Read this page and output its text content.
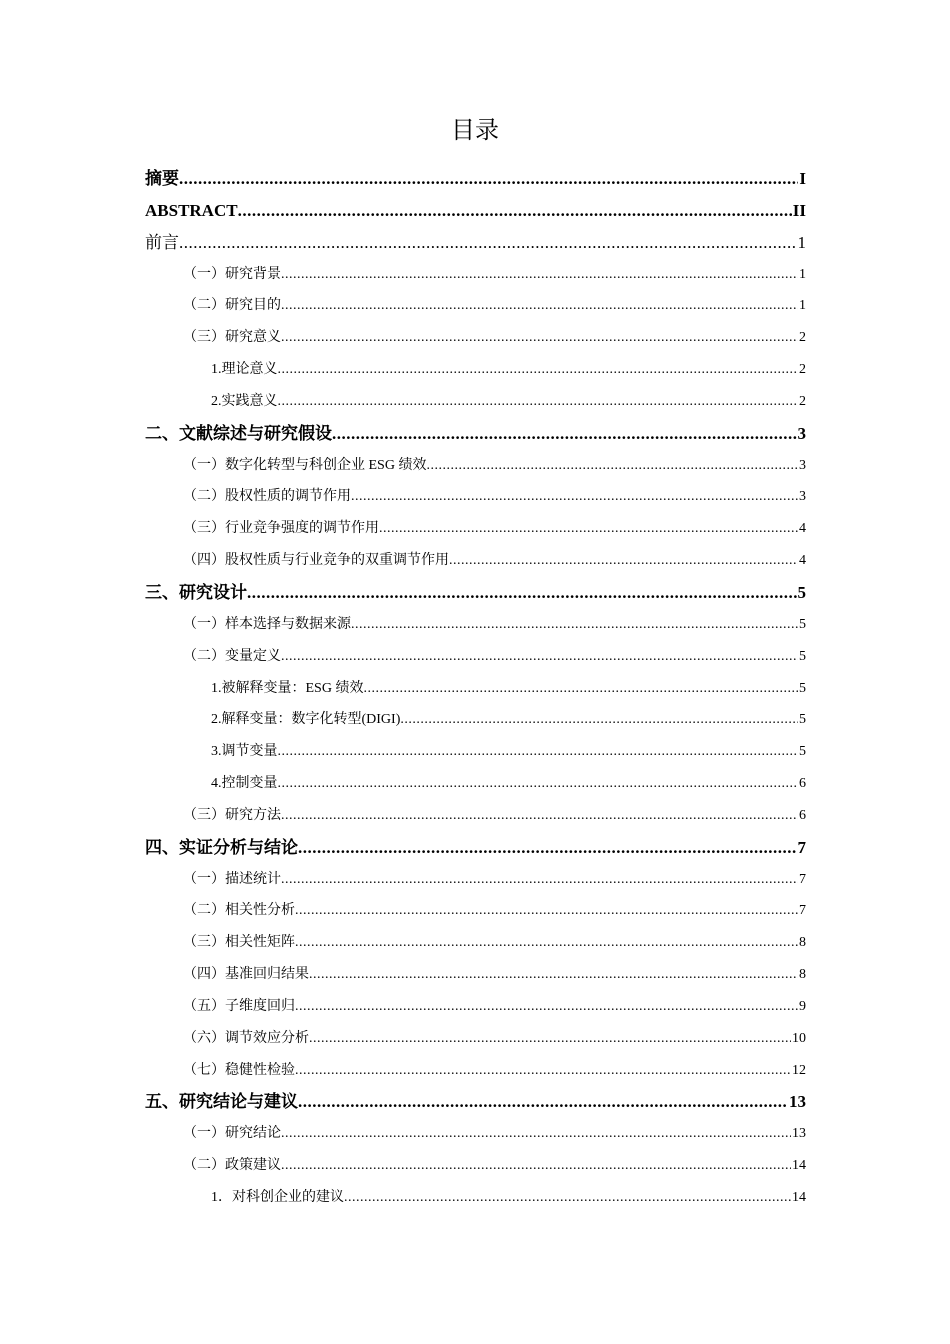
目录
摘要 .....	I
ABSTRACT .....	II
前言 .....	1
（一）研究背景 .....	1
（二）研究目的 .....	1
（三）研究意义 .....	2
1.理论意义 .....	2
2.实践意义 .....	2
二、文献综述与研究假设 .....	3
（一）数字化转型与科创企业 ESG 绩效 .....	3
（二）股权性质的调节作用 .....	3
（三）行业竞争强度的调节作用 .....	4
（四）股权性质与行业竞争的双重调节作用 .....	4
三、研究设计 .....	5
（一）样本选择与数据来源 .....	5
（二）变量定义 .....	5
1.被解释变量：ESG 绩效 .....	5
2.解释变量：数字化转型(DIGI) .....	5
3.调节变量 .....	5
4.控制变量 .....	6
（三）研究方法 .....	6
四、实证分析与结论 .....	7
（一）描述统计 .....	7
（二）相关性分析 .....	7
（三）相关性矩阵 .....	8
（四）基准回归结果 .....	8
（五）子维度回归 .....	9
（六）调节效应分析 .....	10
（七）稳健性检验 .....	12
五、研究结论与建议 .....	13
（一）研究结论 .....	13
（二）政策建议 .....	14
1．对科创企业的建议 .....	14
